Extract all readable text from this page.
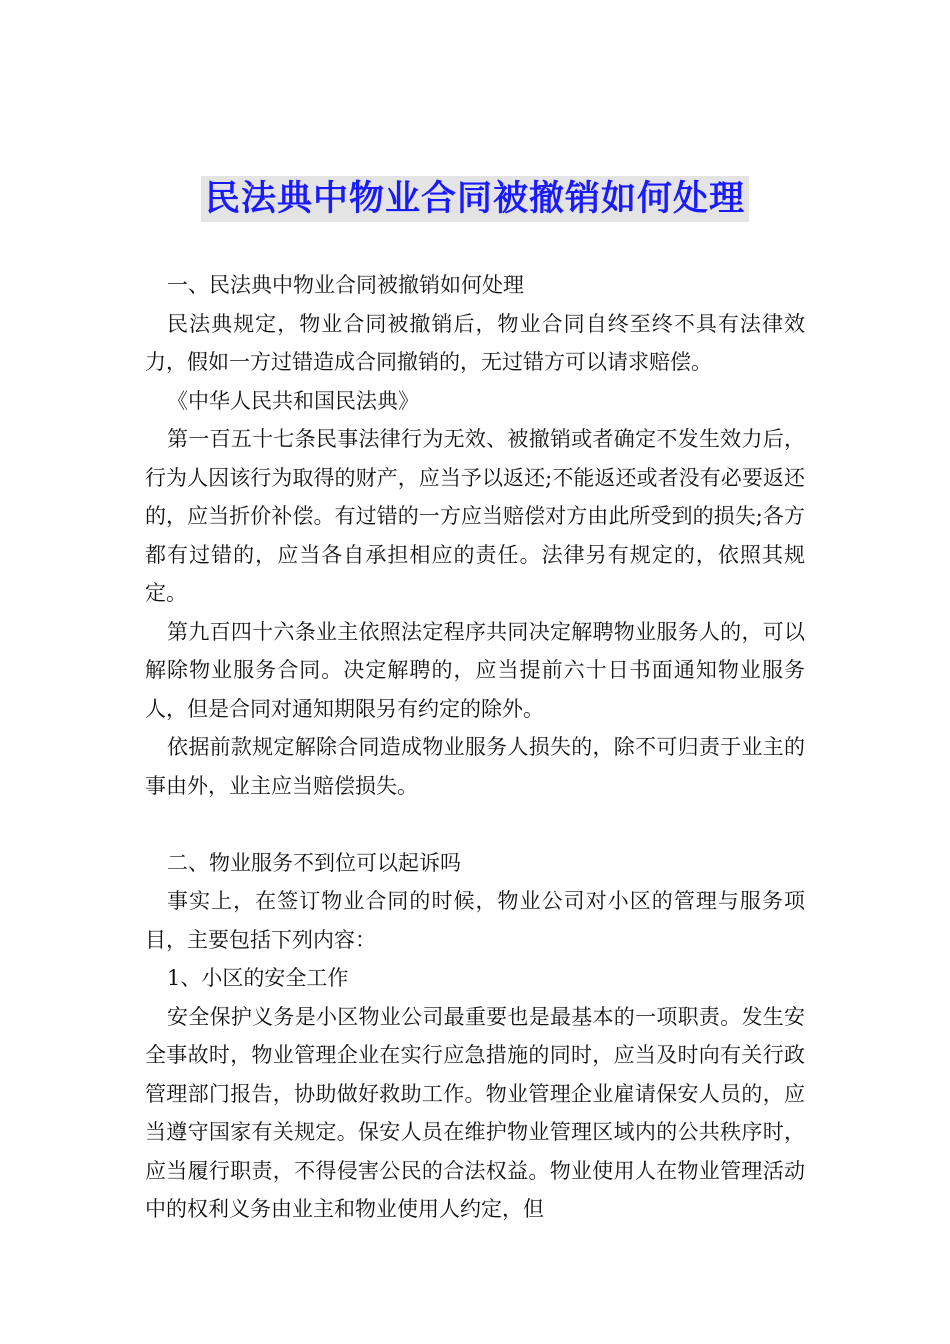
民法典中物业合同被撤销如何处理

一、民法典中物业合同被撤销如何处理

民法典规定，物业合同被撤销后，物业合同自终至终不具有法律效力，假如一方过错造成合同撤销的，无过错方可以请求赔偿。

《中华人民共和国民法典》

第一百五十七条民事法律行为无效、被撤销或者确定不发生效力后，行为人因该行为取得的财产，应当予以返还;不能返还或者没有必要返还的，应当折价补偿。有过错的一方应当赔偿对方由此所受到的损失;各方都有过错的，应当各自承担相应的责任。法律另有规定的，依照其规定。

第九百四十六条业主依照法定程序共同决定解聘物业服务人的，可以解除物业服务合同。决定解聘的，应当提前六十日书面通知物业服务人，但是合同对通知期限另有约定的除外。

依据前款规定解除合同造成物业服务人损失的，除不可归责于业主的事由外，业主应当赔偿损失。

二、物业服务不到位可以起诉吗

事实上，在签订物业合同的时候，物业公司对小区的管理与服务项目，主要包括下列内容：

1、小区的安全工作

安全保护义务是小区物业公司最重要也是最基本的一项职责。发生安全事故时，物业管理企业在实行应急措施的同时，应当及时向有关行政管理部门报告，协助做好救助工作。物业管理企业雇请保安人员的，应当遵守国家有关规定。保安人员在维护物业管理区域内的公共秩序时，应当履行职责，不得侵害公民的合法权益。物业使用人在物业管理活动中的权利义务由业主和物业使用人约定，但
